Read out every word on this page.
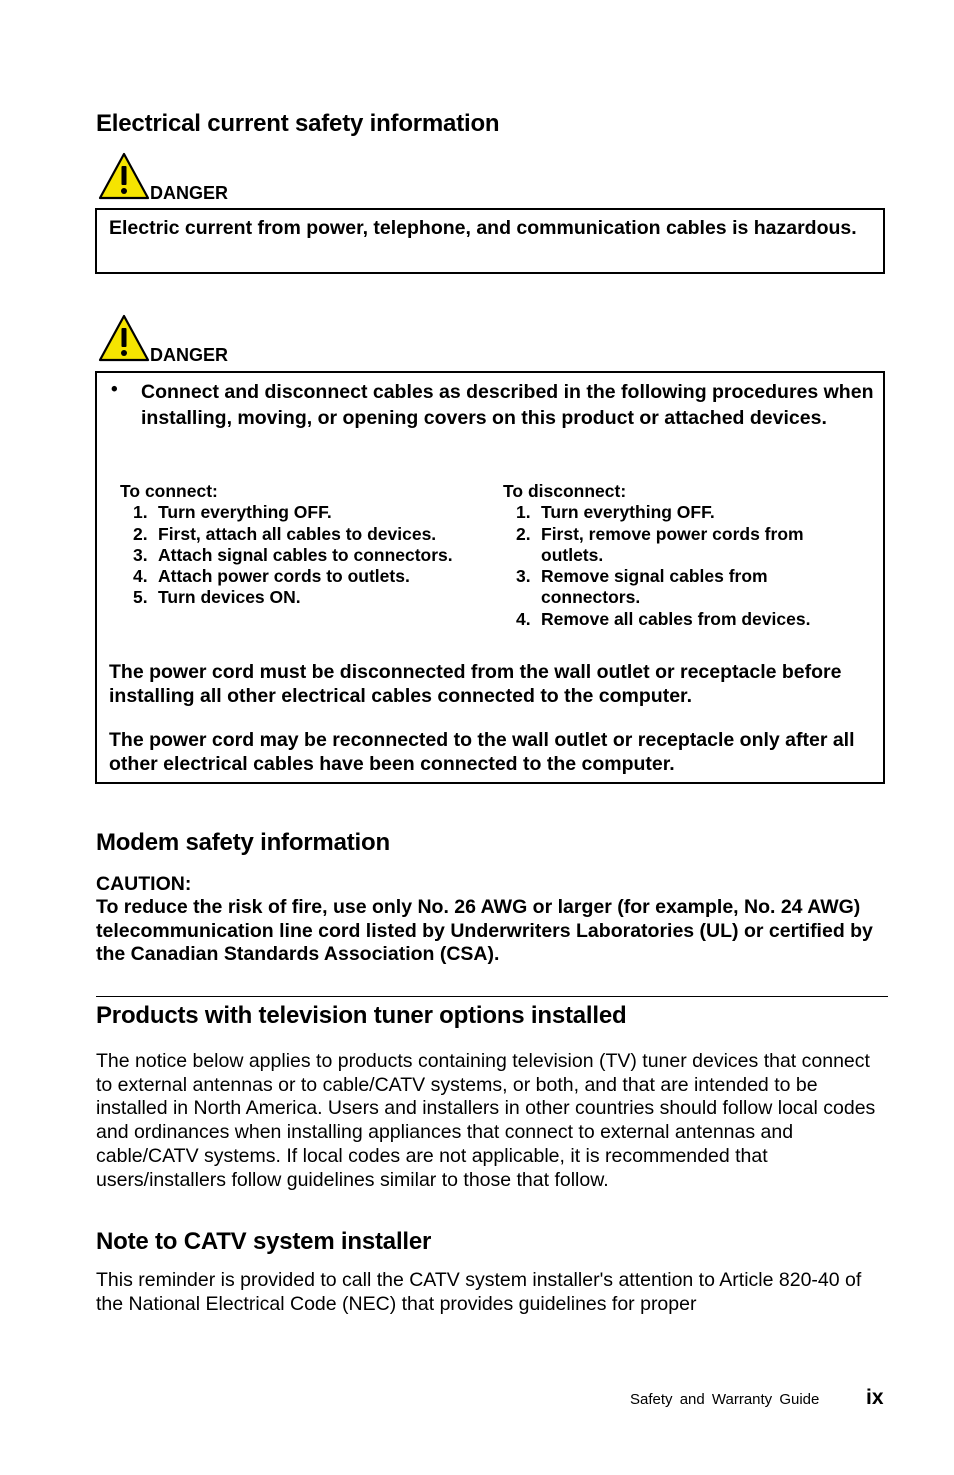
Electrical current safety information
DANGER
Electric current from power, telephone, and communication cables is hazardous.
DANGER
• Connect and disconnect cables as described in the following procedures when installing, moving, or opening covers on this product or attached devices.
To connect:
1. Turn everything OFF.
2. First, attach all cables to devices.
3. Attach signal cables to connectors.
4. Attach power cords to outlets.
5. Turn devices ON.
To disconnect:
1. Turn everything OFF.
2. First, remove power cords from outlets.
3. Remove signal cables from connectors.
4. Remove all cables from devices.
The power cord must be disconnected from the wall outlet or receptacle before installing all other electrical cables connected to the computer.
The power cord may be reconnected to the wall outlet or receptacle only after all other electrical cables have been connected to the computer.
Modem safety information
CAUTION:
To reduce the risk of fire, use only No. 26 AWG or larger (for example, No. 24 AWG) telecommunication line cord listed by Underwriters Laboratories (UL) or certified by the Canadian Standards Association (CSA).
Products with television tuner options installed
The notice below applies to products containing television (TV) tuner devices that connect to external antennas or to cable/CATV systems, or both, and that are intended to be installed in North America. Users and installers in other countries should follow local codes and ordinances when installing appliances that connect to external antennas and cable/CATV systems. If local codes are not applicable, it is recommended that users/installers follow guidelines similar to those that follow.
Note to CATV system installer
This reminder is provided to call the CATV system installer's attention to Article 820-40 of the National Electrical Code (NEC) that provides guidelines for proper
Safety and Warranty Guide ix
